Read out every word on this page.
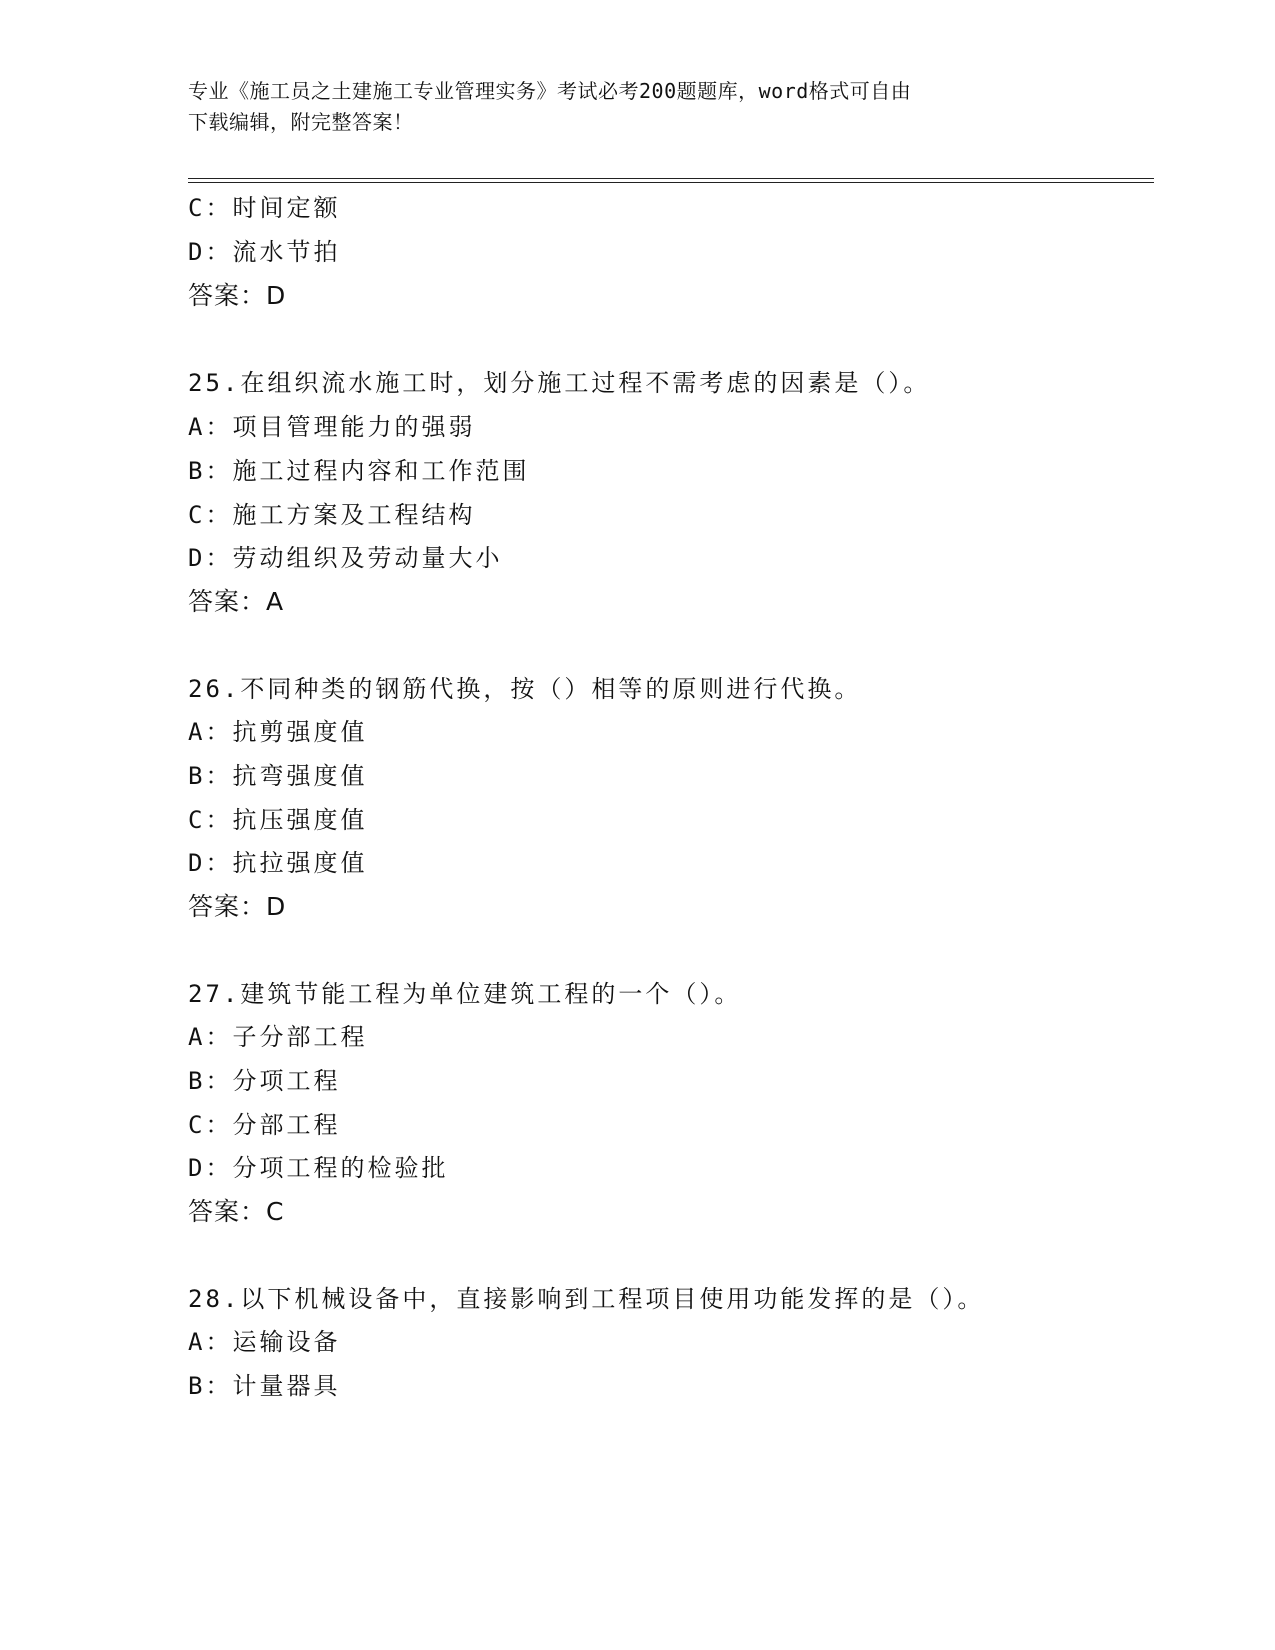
专业《施工员之土建施工专业管理实务》考试必考200题题库，word格式可自由
下载编辑，附完整答案！
C：时间定额
D：流水节拍
答案：D
25.在组织流水施工时，划分施工过程不需考虑的因素是（）。
A：项目管理能力的强弱
B：施工过程内容和工作范围
C：施工方案及工程结构
D：劳动组织及劳动量大小
答案：A
26.不同种类的钢筋代换，按（）相等的原则进行代换。
A：抗剪强度值
B：抗弯强度值
C：抗压强度值
D：抗拉强度值
答案：D
27.建筑节能工程为单位建筑工程的一个（）。
A：子分部工程
B：分项工程
C：分部工程
D：分项工程的检验批
答案：C
28.以下机械设备中，直接影响到工程项目使用功能发挥的是（）。
A：运输设备
B：计量器具
